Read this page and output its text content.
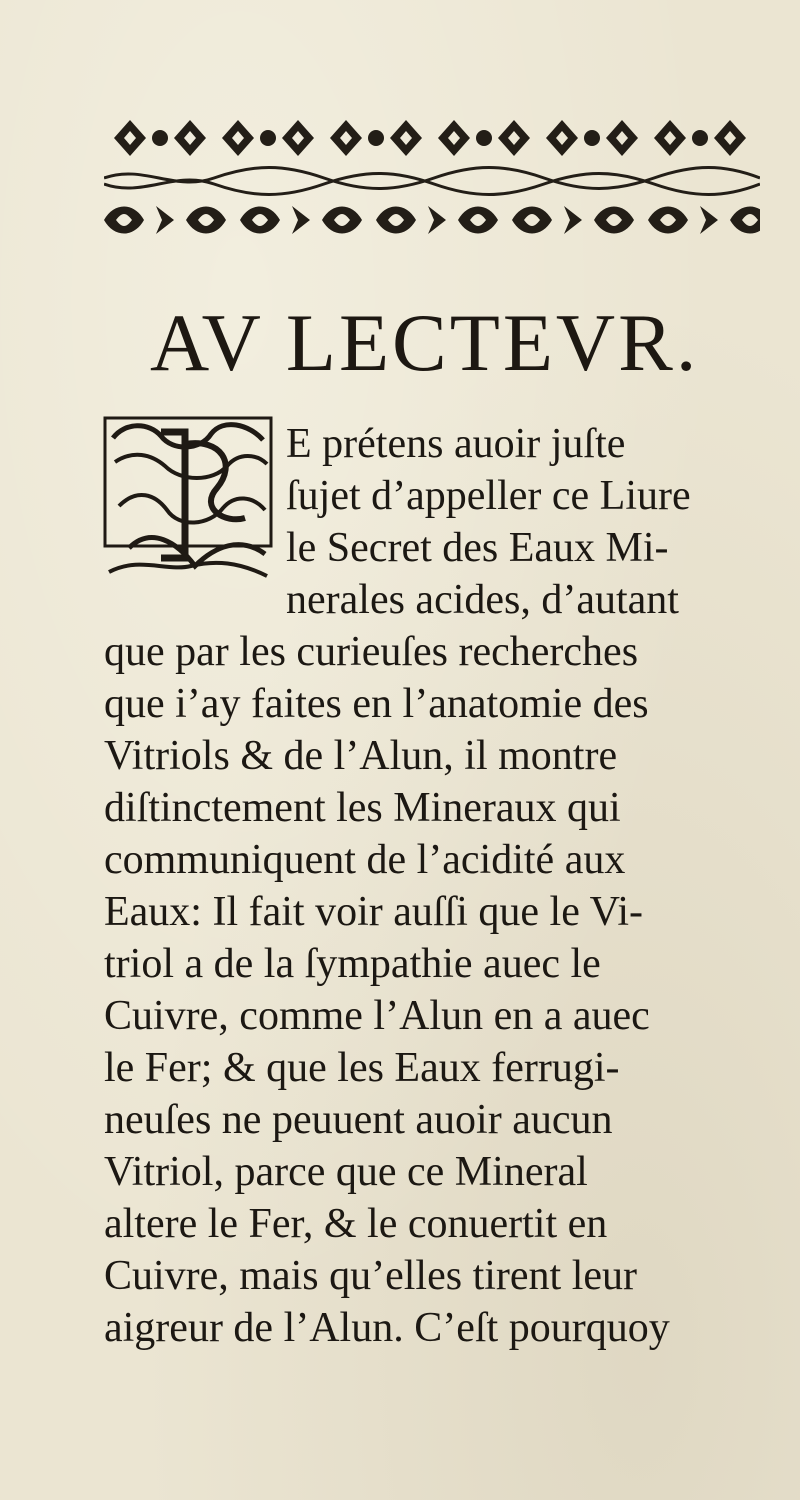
AV LECTEVR.
E prétens auoir juſte
ſujet d’appeller ce Liure
le Secret des Eaux Mi-
nerales acides, d’autant
que par les curieuſes recherches
que i’ay faites en l’anatomie des
Vitriols & de l’Alun, il montre
diſtinctement les Mineraux qui
communiquent de l’acidité aux
Eaux: Il fait voir auſſi que le Vi-
triol a de la ſympathie auec le
Cuivre, comme l’Alun en a auec
le Fer; & que les Eaux ferrugi-
neuſes ne peuuent auoir aucun
Vitriol, parce que ce Mineral
altere le Fer, & le conuertit en
Cuivre, mais qu’elles tirent leur
aigreur de l’Alun. C’eſt pourquoy
